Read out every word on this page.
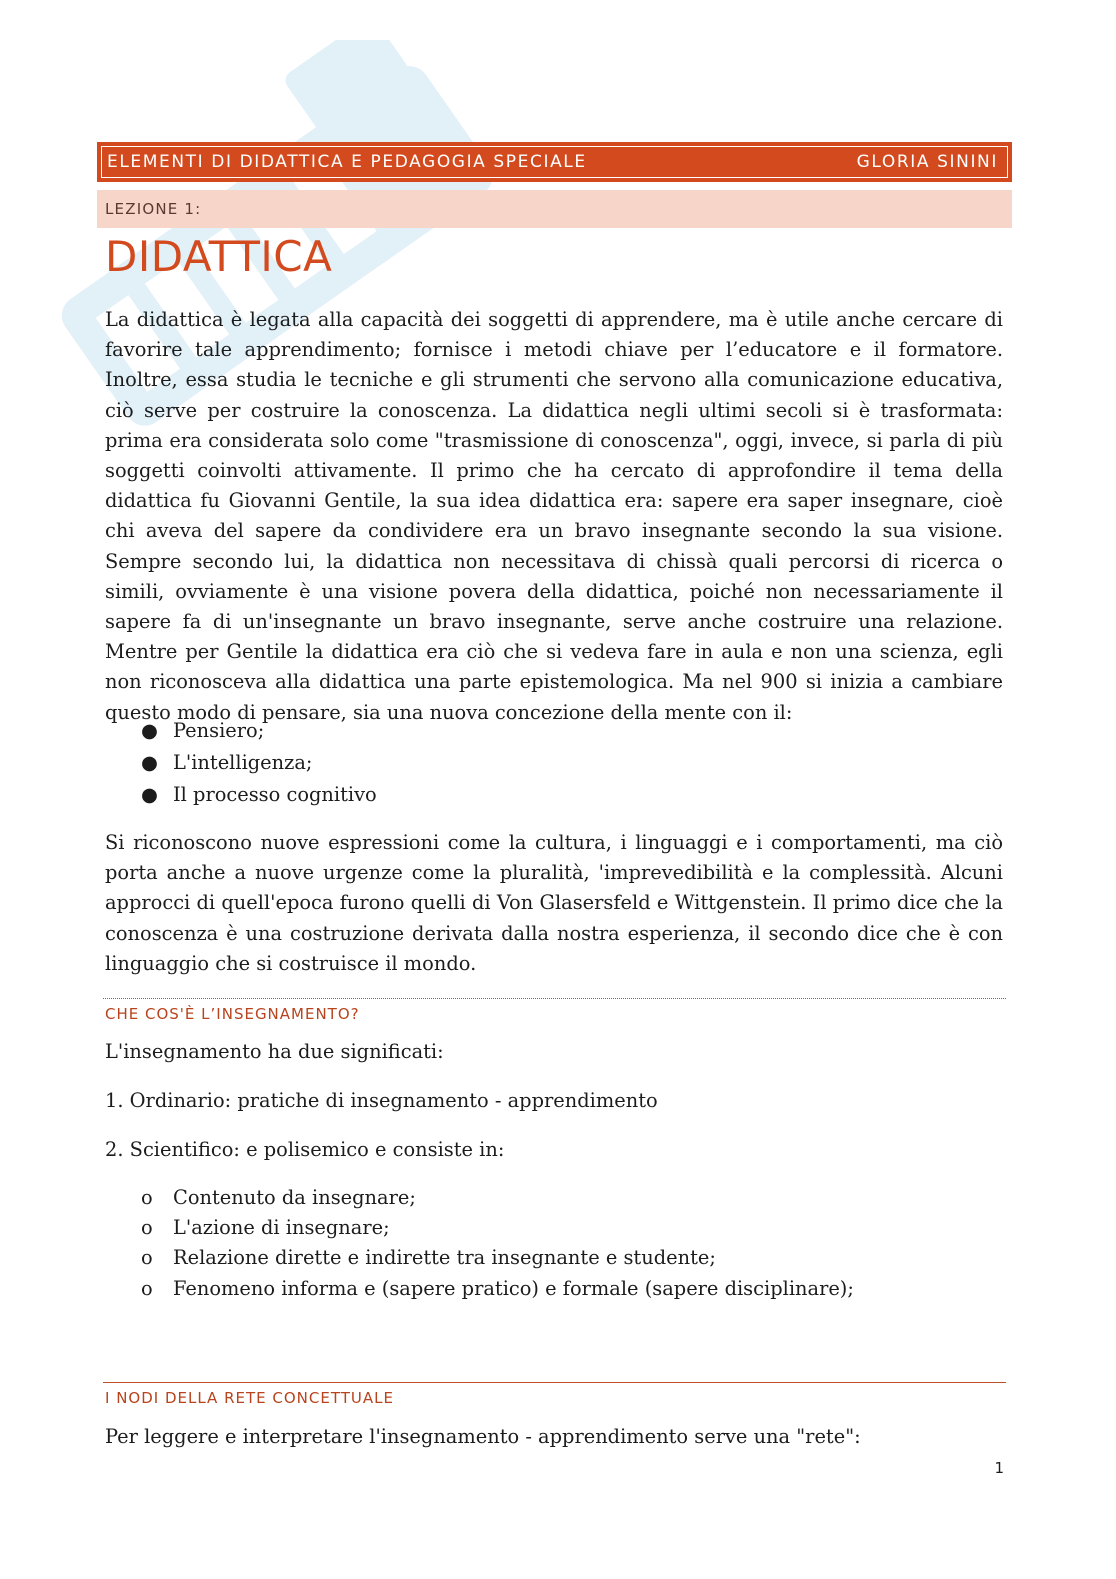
ELEMENTI DI DIDATTICA E PEDAGOGIA SPECIALE	GLORIA SININI
LEZIONE 1:
DIDATTICA

La didattica è legata alla capacità dei soggetti di apprendere, ma è utile anche cercare di favorire tale apprendimento; fornisce i metodi chiave per l’educatore e il formatore. Inoltre, essa studia le tecniche e gli strumenti che servono alla comunicazione educativa, ciò serve per costruire la conoscenza. La didattica negli ultimi secoli si è trasformata: prima era considerata solo come "trasmissione di conoscenza", oggi, invece, si parla di più soggetti coinvolti attivamente. Il primo che ha cercato di approfondire il tema della didattica fu Giovanni Gentile, la sua idea didattica era: sapere era saper insegnare, cioè chi aveva del sapere da condividere era un bravo insegnante secondo la sua visione. Sempre secondo lui, la didattica non necessitava di chissà quali percorsi di ricerca o simili, ovviamente è una visione povera della didattica, poiché non necessariamente il sapere fa di un'insegnante un bravo insegnante, serve anche costruire una relazione. Mentre per Gentile la didattica era ciò che si vedeva fare in aula e non una scienza, egli non riconosceva alla didattica una parte epistemologica. Ma nel 900 si inizia a cambiare questo modo di pensare, sia una nuova concezione della mente con il:

● Pensiero;
● L'intelligenza;
● Il processo cognitivo

Si riconoscono nuove espressioni come la cultura, i linguaggi e i comportamenti, ma ciò porta anche a nuove urgenze come la pluralità, 'imprevedibilità e la complessità. Alcuni approcci di quell'epoca furono quelli di Von Glasersfeld e Wittgenstein. Il primo dice che la conoscenza è una costruzione derivata dalla nostra esperienza, il secondo dice che è con linguaggio che si costruisce il mondo.

CHE COS'È L’INSEGNAMENTO?

L'insegnamento ha due significati:

1. Ordinario: pratiche di insegnamento - apprendimento

2. Scientifico: e polisemico e consiste in:

o Contenuto da insegnare;
o L'azione di insegnare;
o Relazione dirette e indirette tra insegnante e studente;
o Fenomeno informa e (sapere pratico) e formale (sapere disciplinare);
I NODI DELLA RETE CONCETTUALE

Per leggere e interpretare l'insegnamento - apprendimento serve una "rete":

1
